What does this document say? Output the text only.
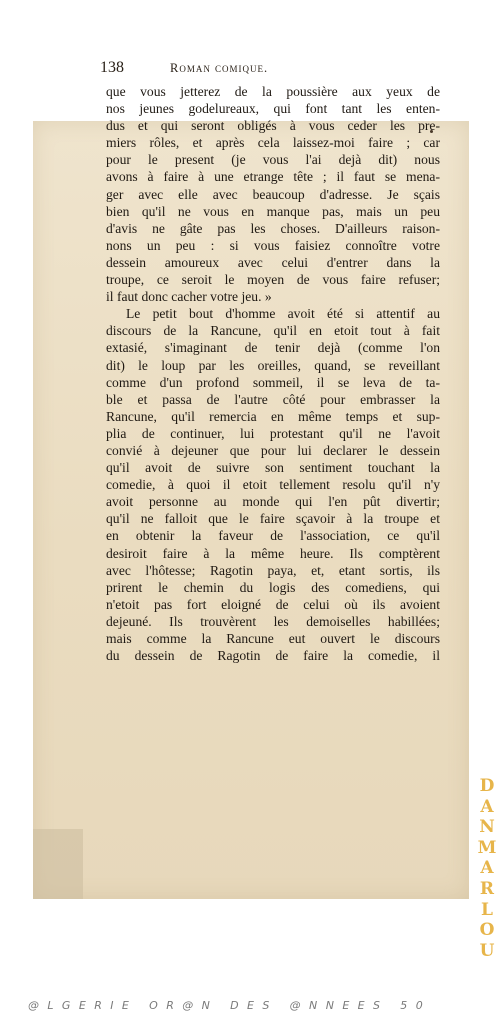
138	Roman comique.
que vous jetterez de la poussière aux yeux de
nos jeunes godelureaux, qui font tant les enten-
dus et qui seront obligés à vous ceder les pre-
miers rôles, et après cela laissez-moi faire ; car
pour le present (je vous l'ai dejà dit) nous
avons à faire à une etrange tête ; il faut se mena-
ger avec elle avec beaucoup d'adresse. Je sçais
bien qu'il ne vous en manque pas, mais un peu
d'avis ne gâte pas les choses. D'ailleurs raison-
nons un peu : si vous faisiez connoître votre
dessein amoureux avec celui d'entrer dans la
troupe, ce seroit le moyen de vous faire refuser;
il faut donc cacher votre jeu. »
Le petit bout d'homme avoit été si attentif au
discours de la Rancune, qu'il en etoit tout à fait
extasié, s'imaginant de tenir dejà (comme l'on
dit) le loup par les oreilles, quand, se reveillant
comme d'un profond sommeil, il se leva de ta-
ble et passa de l'autre côté pour embrasser la
Rancune, qu'il remercia en même temps et sup-
plia de continuer, lui protestant qu'il ne l'avoit
convié à dejeuner que pour lui declarer le dessein
qu'il avoit de suivre son sentiment touchant la
comedie, à quoi il etoit tellement resolu qu'il n'y
avoit personne au monde qui l'en pût divertir;
qu'il ne falloit que le faire sçavoir à la troupe et
en obtenir la faveur de l'association, ce qu'il
desiroit faire à la même heure. Ils comptèrent
avec l'hôtesse; Ragotin paya, et, etant sortis, ils
prirent le chemin du logis des comediens, qui
n'etoit pas fort eloigné de celui où ils avoient
dejeuné. Ils trouvèrent les demoiselles habillées;
mais comme la Rancune eut ouvert le discours
du dessein de Ragotin de faire la comedie, il
D
A
N
M
A
R
L
O
U
@LGERIE OR@N DES @NNEES 50
